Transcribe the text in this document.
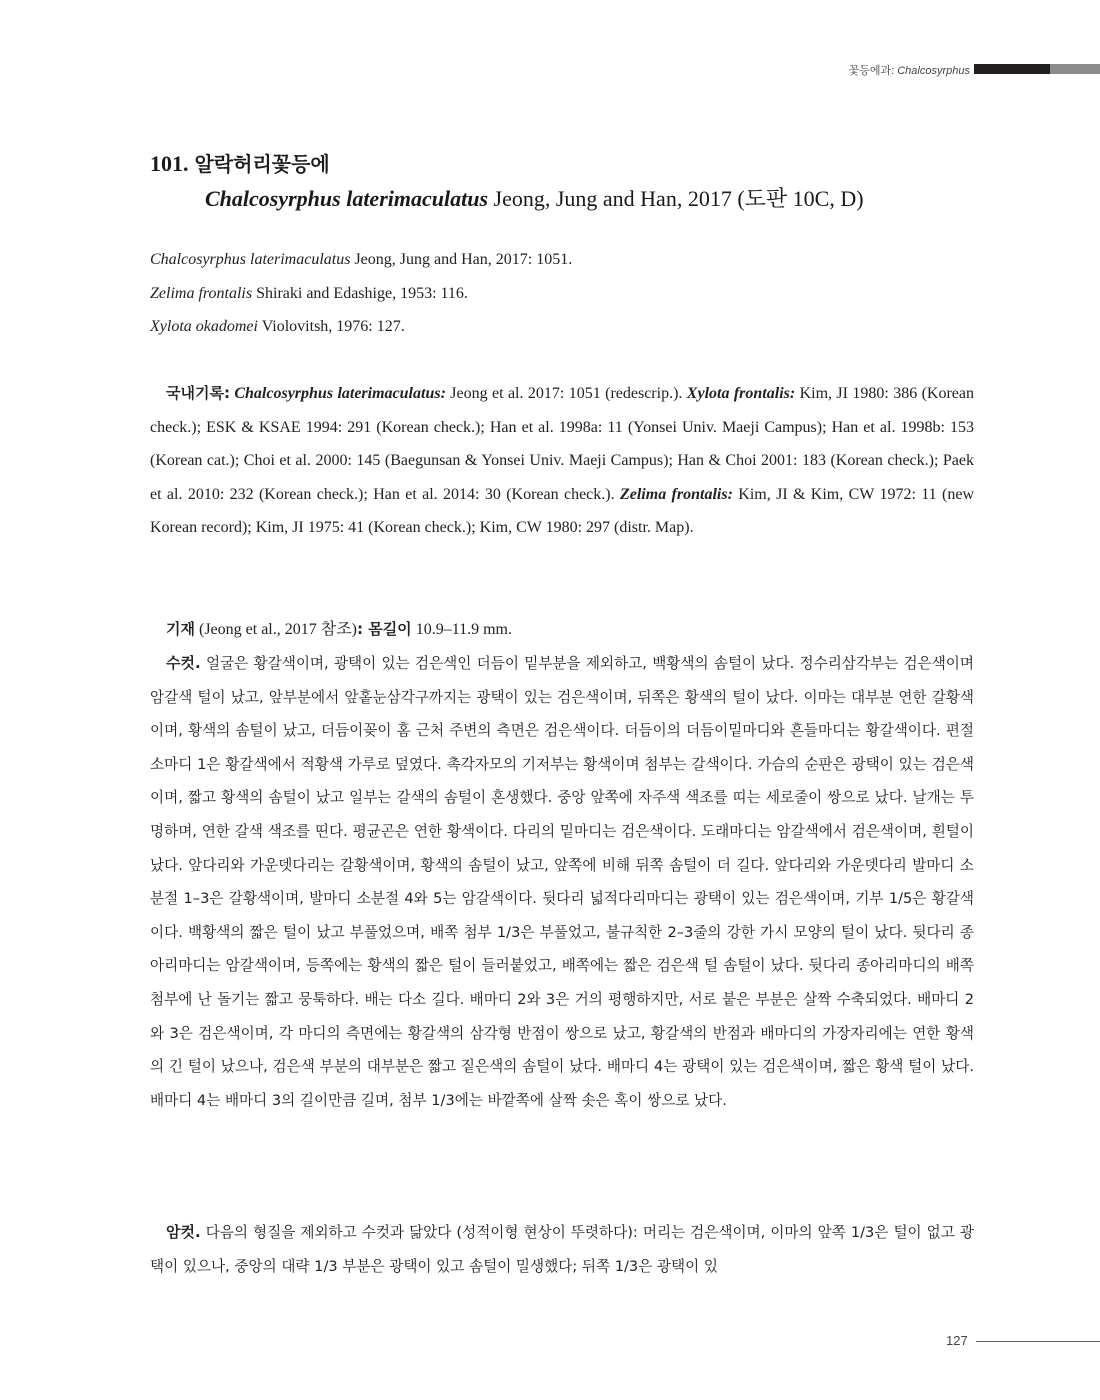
꽃등에과: Chalcosyrphus
101. 알락허리꽃등에
Chalcosyrphus laterimaculatus Jeong, Jung and Han, 2017 (도판 10C, D)
Chalcosyrphus laterimaculatus Jeong, Jung and Han, 2017: 1051.
Zelima frontalis Shiraki and Edashige, 1953: 116.
Xylota okadomei Violovitsh, 1976: 127.
국내기록: Chalcosyrphus laterimaculatus: Jeong et al. 2017: 1051 (redescrip.). Xylota frontalis: Kim, JI 1980: 386 (Korean check.); ESK & KSAE 1994: 291 (Korean check.); Han et al. 1998a: 11 (Yonsei Univ. Maeji Campus); Han et al. 1998b: 153 (Korean cat.); Choi et al. 2000: 145 (Baegunsan & Yonsei Univ. Maeji Campus); Han & Choi 2001: 183 (Korean check.); Paek et al. 2010: 232 (Korean check.); Han et al. 2014: 30 (Korean check.). Zelima frontalis: Kim, JI & Kim, CW 1972: 11 (new Korean record); Kim, JI 1975: 41 (Korean check.); Kim, CW 1980: 297 (distr. Map).
기재 (Jeong et al., 2017 참조): 몸길이 10.9–11.9 mm.
수컷. 얼굴은 황갈색이며, 광택이 있는 검은색인 더듬이 밑부분을 제외하고, 백황색의 솜털이 났다. 정수리삼각부는 검은색이며 암갈색 털이 났고, 앞부분에서 앞홑눈삼각구까지는 광택이 있는 검은색이며, 뒤쪽은 황색의 털이 났다. 이마는 대부분 연한 갈황색이며, 황색의 솜털이 났고, 더듬이꽂이 홈 근처 주변의 측면은 검은색이다. 더듬이의 더듬이밑마디와 흔들마디는 황갈색이다. 편절소마디 1은 황갈색에서 적황색 가루로 덮였다. 촉각자모의 기저부는 황색이며 첨부는 갈색이다. 가슴의 순판은 광택이 있는 검은색이며, 짧고 황색의 솜털이 났고 일부는 갈색의 솜털이 혼생했다. 중앙 앞쪽에 자주색 색조를 띠는 세로줄이 쌍으로 났다. 날개는 투명하며, 연한 갈색 색조를 띤다. 평균곤은 연한 황색이다. 다리의 밑마디는 검은색이다. 도래마디는 암갈색에서 검은색이며, 흰털이 났다. 앞다리와 가운뎃다리는 갈황색이며, 황색의 솜털이 났고, 앞쪽에 비해 뒤쪽 솜털이 더 길다. 앞다리와 가운뎃다리 발마디 소분절 1–3은 갈황색이며, 발마디 소분절 4와 5는 암갈색이다. 뒷다리 넓적다리마디는 광택이 있는 검은색이며, 기부 1/5은 황갈색이다. 백황색의 짧은 털이 났고 부풀었으며, 배쪽 첨부 1/3은 부풀었고, 불규칙한 2–3줄의 강한 가시 모양의 털이 났다. 뒷다리 종아리마디는 암갈색이며, 등쪽에는 황색의 짧은 털이 들러붙었고, 배쪽에는 짧은 검은색 털 솜털이 났다. 뒷다리 종아리마디의 배쪽 첨부에 난 돌기는 짧고 뭉툭하다. 배는 다소 길다. 배마디 2와 3은 거의 평행하지만, 서로 붙은 부분은 살짝 수축되었다. 배마디 2와 3은 검은색이며, 각 마디의 측면에는 황갈색의 삼각형 반점이 쌍으로 났고, 황갈색의 반점과 배마디의 가장자리에는 연한 황색의 긴 털이 났으나, 검은색 부분의 대부분은 짧고 짙은색의 솜털이 났다. 배마디 4는 광택이 있는 검은색이며, 짧은 황색 털이 났다. 배마디 4는 배마디 3의 길이만큼 길며, 첨부 1/3에는 바깥쪽에 살짝 솟은 혹이 쌍으로 났다.
암컷. 다음의 형질을 제외하고 수컷과 닮았다 (성적이형 현상이 뚜렷하다): 머리는 검은색이며, 이마의 앞쪽 1/3은 털이 없고 광택이 있으나, 중앙의 대략 1/3 부분은 광택이 있고 솜털이 밀생했다; 뒤쪽 1/3은 광택이 있
127
